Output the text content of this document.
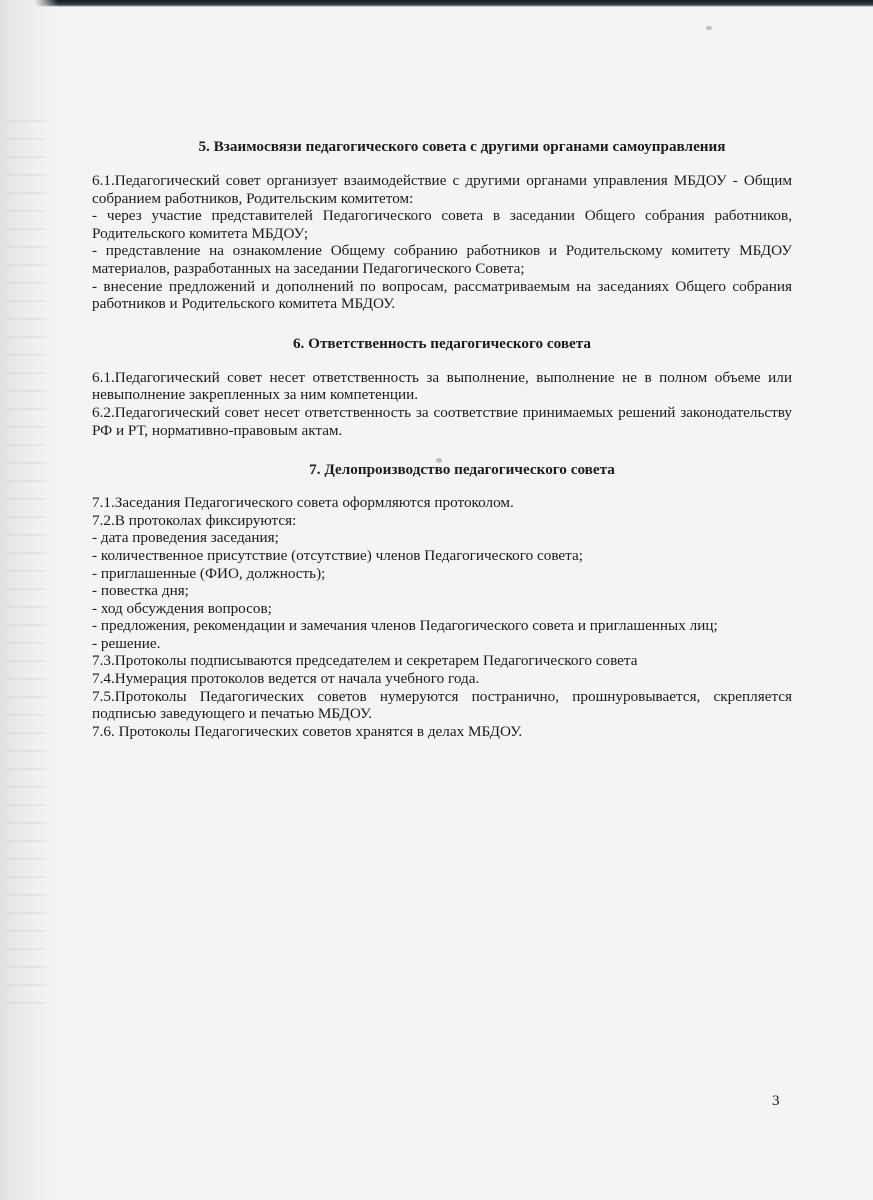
5. Взаимосвязи педагогического совета с другими органами самоуправления

6.1.Педагогический совет организует взаимодействие с другими органами управления МБДОУ - Общим собранием работников, Родительским комитетом:

- через участие представителей Педагогического совета в заседании Общего собрания работников, Родительского комитета МБДОУ;

- представление на ознакомление Общему собранию работников и Родительскому комитету МБДОУ материалов, разработанных на заседании Педагогического Совета;

- внесение предложений и дополнений по вопросам, рассматриваемым на заседаниях Общего собрания работников и Родительского комитета МБДОУ.

6. Ответственность педагогического совета

6.1.Педагогический совет несет ответственность за выполнение, выполнение не в полном объеме или невыполнение закрепленных за ним компетенции.

6.2.Педагогический совет несет ответственность за соответствие принимаемых решений законодательству РФ и РТ, нормативно-правовым актам.

7. Делопроизводство педагогического совета

7.1.Заседания Педагогического совета оформляются протоколом.

7.2.В протоколах фиксируются:

- дата проведения заседания;

- количественное присутствие (отсутствие) членов Педагогического совета;

- приглашенные (ФИО, должность);

- повестка дня;

- ход обсуждения вопросов;

- предложения, рекомендации и замечания членов Педагогического совета и приглашенных лиц;

- решение.

7.3.Протоколы подписываются председателем и секретарем Педагогического совета

7.4.Нумерация протоколов ведется от начала учебного года.

7.5.Протоколы Педагогических советов нумеруются постранично, прошнуровывается, скрепляется подписью заведующего и печатью МБДОУ.

7.6. Протоколы Педагогических советов хранятся в делах МБДОУ.

3
